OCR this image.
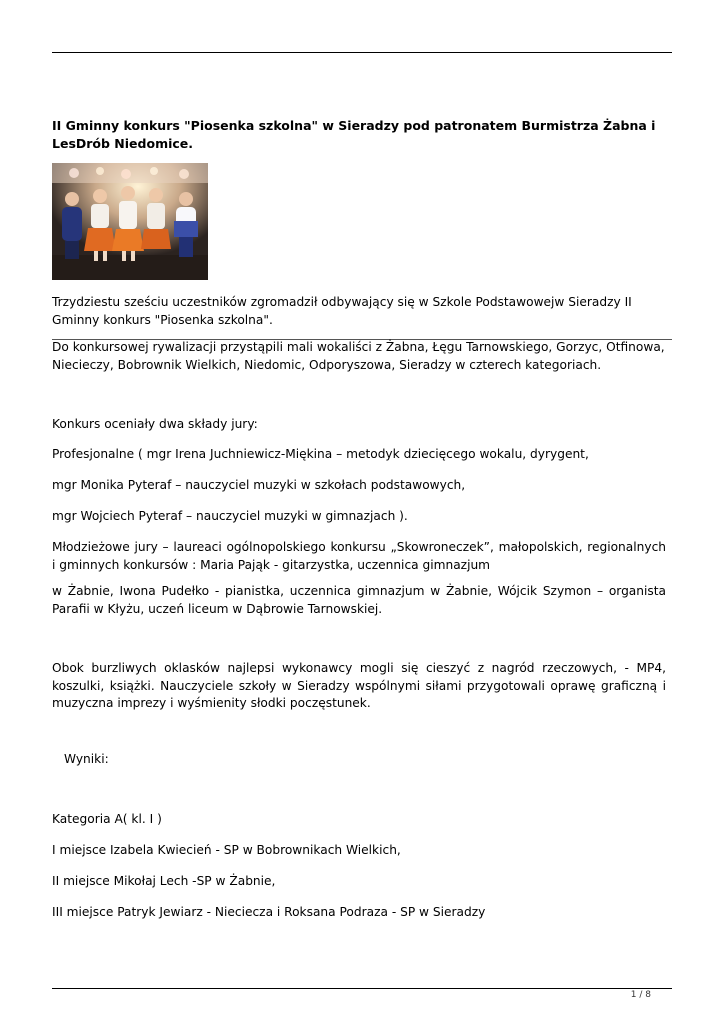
II Gminny konkurs "Piosenka szkolna" w Sieradzy pod patronatem Burmistrza Żabna i LesDrób Niedomice.

Trzydziestu sześciu uczestników zgromadził odbywający się w Szkole Podstawowejw Sieradzy II Gminny konkurs "Piosenka szkolna".

Do konkursowej rywalizacji przystąpili mali wokaliści z Żabna, Łęgu Tarnowskiego, Gorzyc, Otfinowa, Niecieczy, Bobrownik Wielkich, Niedomic, Odporyszowa, Sieradzy w czterech kategoriach.

Konkurs oceniały dwa składy jury:

Profesjonalne ( mgr Irena Juchniewicz-Miękina – metodyk dziecięcego wokalu, dyrygent,

mgr Monika Pyteraf – nauczyciel muzyki w szkołach podstawowych,

mgr Wojciech Pyteraf – nauczyciel muzyki w gimnazjach ).

Młodzieżowe jury – laureaci ogólnopolskiego konkursu „Skowroneczek”, małopolskich, regionalnych i gminnych konkursów : Maria Pająk - gitarzystka, uczennica gimnazjum

w Żabnie, Iwona Pudełko - pianistka, uczennica gimnazjum w Żabnie, Wójcik Szymon – organista Parafii w Kłyżu, uczeń liceum w Dąbrowie Tarnowskiej.

Obok burzliwych oklasków najlepsi wykonawcy mogli się cieszyć z nagród rzeczowych, - MP4, koszulki, książki. Nauczyciele szkoły w Sieradzy wspólnymi siłami przygotowali oprawę graficzną i muzyczna imprezy i wyśmienity słodki poczęstunek.

Wyniki:

Kategoria A( kl. I )

I miejsce Izabela Kwiecień - SP w Bobrownikach Wielkich,

II miejsce Mikołaj Lech -SP w Żabnie,

III miejsce Patryk Jewiarz - Niecieczа i Roksana Podraza - SP w Sieradzy

1 / 8
